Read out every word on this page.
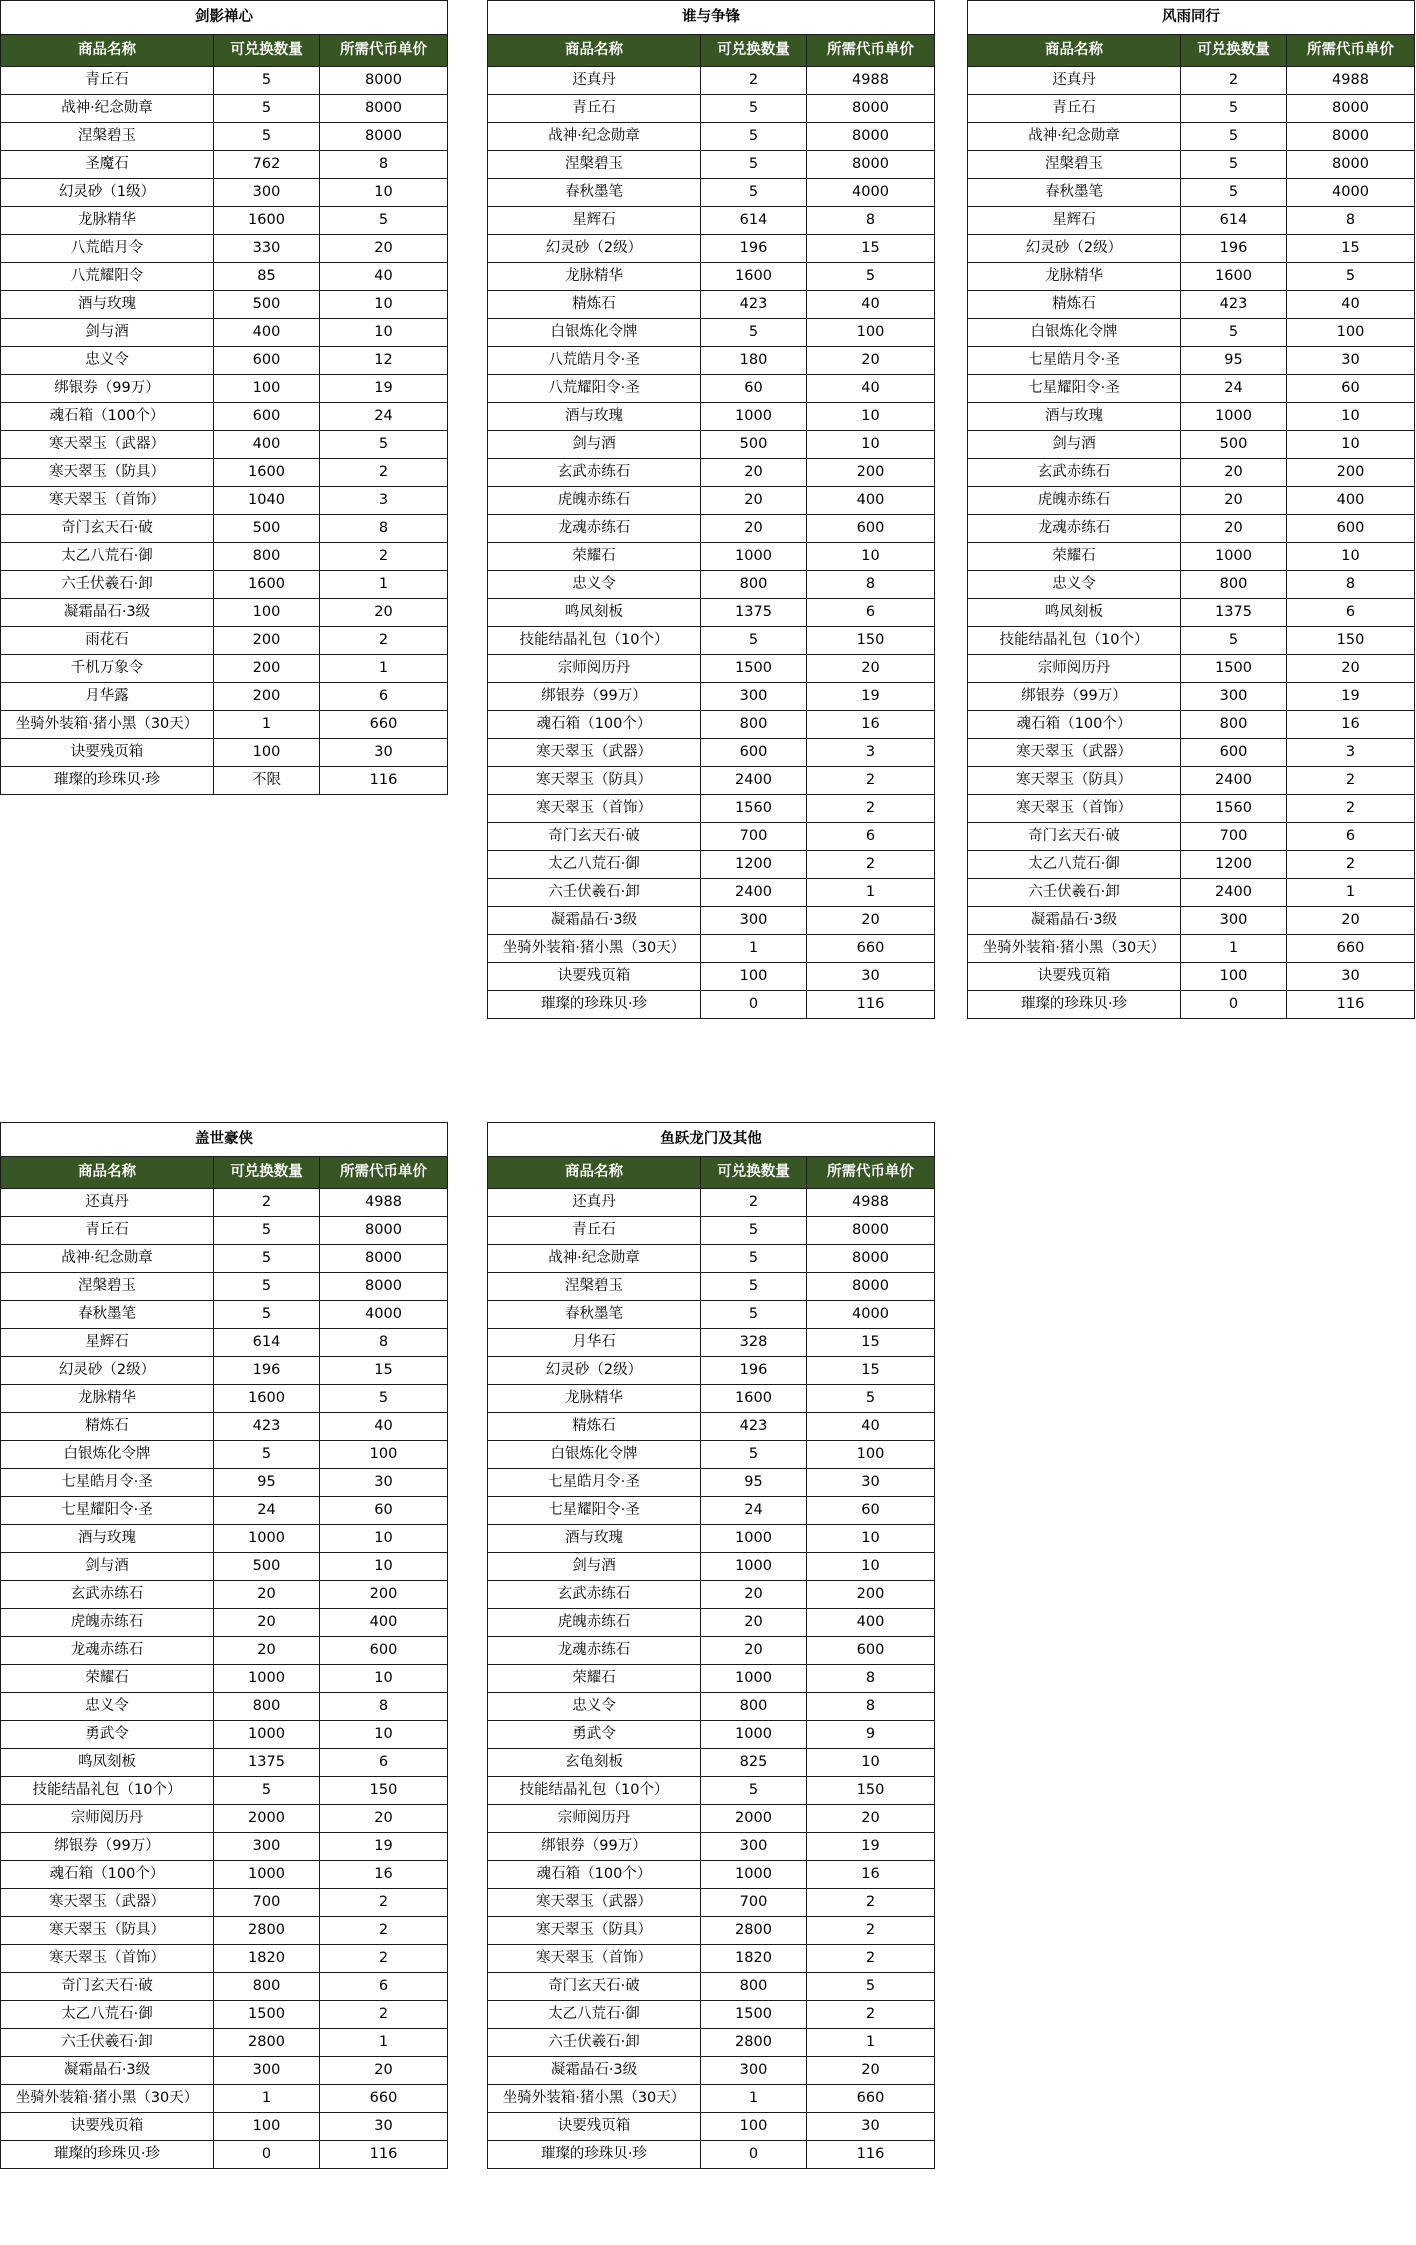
剑影禅心		
商品名称	可兑换数量	所需代币单价
青丘石	5	8000
战神·纪念勋章	5	8000
涅槃碧玉	5	8000
圣魔石	762	8
幻灵砂（1级）	300	10
龙脉精华	1600	5
八荒皓月令	330	20
八荒耀阳令	85	40
酒与玫瑰	500	10
剑与酒	400	10
忠义令	600	12
绑银券（99万）	100	19
魂石箱（100个）	600	24
寒天翠玉（武器）	400	5
寒天翠玉（防具）	1600	2
寒天翠玉（首饰）	1040	3
奇门玄天石·破	500	8
太乙八荒石·御	800	2
六壬伏羲石·卸	1600	1
凝霜晶石·3级	100	20
雨花石	200	2
千机万象令	200	1
月华露	200	6
坐骑外装箱·猪小黑（30天）	1	660
诀要残页箱	100	30
璀璨的珍珠贝·珍	不限	116
谁与争锋		
商品名称	可兑换数量	所需代币单价
还真丹	2	4988
青丘石	5	8000
战神·纪念勋章	5	8000
涅槃碧玉	5	8000
春秋墨笔	5	4000
星辉石	614	8
幻灵砂（2级）	196	15
龙脉精华	1600	5
精炼石	423	40
白银炼化令牌	5	100
八荒皓月令·圣	180	20
八荒耀阳令·圣	60	40
酒与玫瑰	1000	10
剑与酒	500	10
玄武赤练石	20	200
虎魄赤练石	20	400
龙魂赤练石	20	600
荣耀石	1000	10
忠义令	800	8
鸣凤刻板	1375	6
技能结晶礼包（10个）	5	150
宗师阅历丹	1500	20
绑银券（99万）	300	19
魂石箱（100个）	800	16
寒天翠玉（武器）	600	3
寒天翠玉（防具）	2400	2
寒天翠玉（首饰）	1560	2
奇门玄天石·破	700	6
太乙八荒石·御	1200	2
六壬伏羲石·卸	2400	1
凝霜晶石·3级	300	20
坐骑外装箱·猪小黑（30天）	1	660
诀要残页箱	100	30
璀璨的珍珠贝·珍	0	116
风雨同行		
商品名称	可兑换数量	所需代币单价
还真丹	2	4988
青丘石	5	8000
战神·纪念勋章	5	8000
涅槃碧玉	5	8000
春秋墨笔	5	4000
星辉石	614	8
幻灵砂（2级）	196	15
龙脉精华	1600	5
精炼石	423	40
白银炼化令牌	5	100
七星皓月令·圣	95	30
七星耀阳令·圣	24	60
酒与玫瑰	1000	10
剑与酒	500	10
玄武赤练石	20	200
虎魄赤练石	20	400
龙魂赤练石	20	600
荣耀石	1000	10
忠义令	800	8
鸣凤刻板	1375	6
技能结晶礼包（10个）	5	150
宗师阅历丹	1500	20
绑银券（99万）	300	19
魂石箱（100个）	800	16
寒天翠玉（武器）	600	3
寒天翠玉（防具）	2400	2
寒天翠玉（首饰）	1560	2
奇门玄天石·破	700	6
太乙八荒石·御	1200	2
六壬伏羲石·卸	2400	1
凝霜晶石·3级	300	20
坐骑外装箱·猪小黑（30天）	1	660
诀要残页箱	100	30
璀璨的珍珠贝·珍	0	116
盖世豪侠		
商品名称	可兑换数量	所需代币单价
还真丹	2	4988
青丘石	5	8000
战神·纪念勋章	5	8000
涅槃碧玉	5	8000
春秋墨笔	5	4000
星辉石	614	8
幻灵砂（2级）	196	15
龙脉精华	1600	5
精炼石	423	40
白银炼化令牌	5	100
七星皓月令·圣	95	30
七星耀阳令·圣	24	60
酒与玫瑰	1000	10
剑与酒	500	10
玄武赤练石	20	200
虎魄赤练石	20	400
龙魂赤练石	20	600
荣耀石	1000	10
忠义令	800	8
勇武令	1000	10
鸣凤刻板	1375	6
技能结晶礼包（10个）	5	150
宗师阅历丹	2000	20
绑银券（99万）	300	19
魂石箱（100个）	1000	16
寒天翠玉（武器）	700	2
寒天翠玉（防具）	2800	2
寒天翠玉（首饰）	1820	2
奇门玄天石·破	800	6
太乙八荒石·御	1500	2
六壬伏羲石·卸	2800	1
凝霜晶石·3级	300	20
坐骑外装箱·猪小黑（30天）	1	660
诀要残页箱	100	30
璀璨的珍珠贝·珍	0	116
鱼跃龙门及其他		
商品名称	可兑换数量	所需代币单价
还真丹	2	4988
青丘石	5	8000
战神·纪念勋章	5	8000
涅槃碧玉	5	8000
春秋墨笔	5	4000
月华石	328	15
幻灵砂（2级）	196	15
龙脉精华	1600	5
精炼石	423	40
白银炼化令牌	5	100
七星皓月令·圣	95	30
七星耀阳令·圣	24	60
酒与玫瑰	1000	10
剑与酒	1000	10
玄武赤练石	20	200
虎魄赤练石	20	400
龙魂赤练石	20	600
荣耀石	1000	8
忠义令	800	8
勇武令	1000	9
玄龟刻板	825	10
技能结晶礼包（10个）	5	150
宗师阅历丹	2000	20
绑银券（99万）	300	19
魂石箱（100个）	1000	16
寒天翠玉（武器）	700	2
寒天翠玉（防具）	2800	2
寒天翠玉（首饰）	1820	2
奇门玄天石·破	800	5
太乙八荒石·御	1500	2
六壬伏羲石·卸	2800	1
凝霜晶石·3级	300	20
坐骑外装箱·猪小黑（30天）	1	660
诀要残页箱	100	30
璀璨的珍珠贝·珍	0	116
